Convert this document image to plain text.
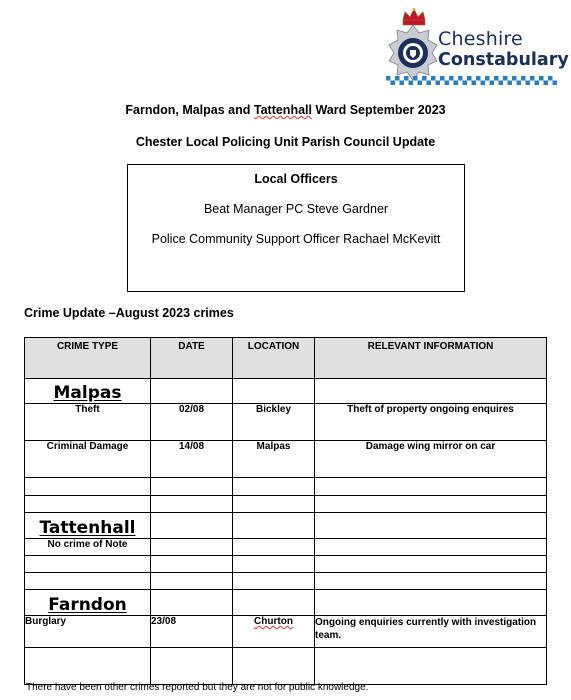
Cheshire
Constabulary
Farndon, Malpas and Tattenhall Ward September 2023
Chester Local Policing Unit Parish Council Update
Local Officers
Beat Manager PC Steve Gardner
Police Community Support Officer Rachael McKevitt
Crime Update –August 2023 crimes
CRIME TYPE	DATE	LOCATION	RELEVANT INFORMATION
Malpas			
Theft	02/08	Bickley	Theft of property ongoing enquires
Criminal Damage	14/08	Malpas	Damage wing mirror on car

Tattenhall			
No crime of Note			

Farndon			
Burglary	23/08	Churton	Ongoing enquiries currently with investigation team.

There have been other crimes reported but they are not for public knowledge.
